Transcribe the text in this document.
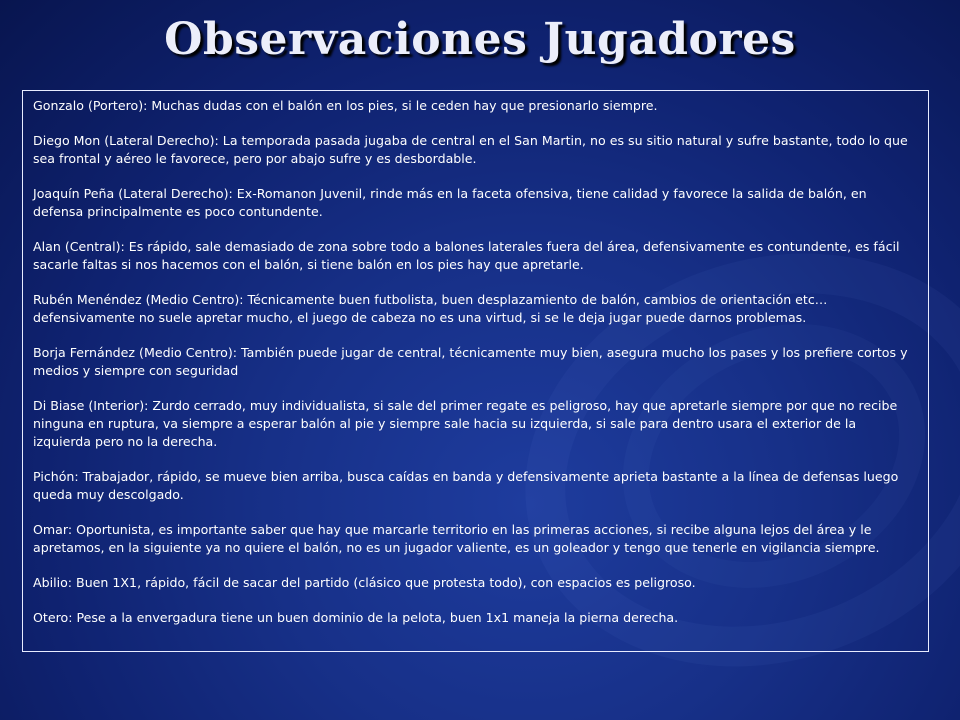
Observaciones Jugadores

Gonzalo (Portero): Muchas dudas con el balón en los pies, si le ceden hay que presionarlo siempre.

Diego Mon (Lateral Derecho): La temporada pasada jugaba de central en el San Martin, no es su sitio natural y sufre bastante, todo lo que sea frontal y aéreo le favorece, pero por abajo sufre y es desbordable.

Joaquín Peña (Lateral Derecho): Ex-Romanon Juvenil, rinde más en la faceta ofensiva, tiene calidad y favorece la salida de balón, en defensa principalmente es poco contundente.

Alan (Central): Es rápido, sale demasiado de zona sobre todo a balones laterales fuera del área, defensivamente es contundente, es fácil sacarle faltas si nos hacemos con el balón, si tiene balón en los pies hay que apretarle.

Rubén Menéndez (Medio Centro): Técnicamente buen futbolista, buen desplazamiento de balón, cambios de orientación etc… defensivamente no suele apretar mucho, el juego de cabeza no es una virtud, si se le deja jugar puede darnos problemas.

Borja Fernández (Medio Centro): También puede jugar de central, técnicamente muy bien, asegura mucho los pases y los prefiere cortos y medios y siempre con seguridad

Di Biase (Interior): Zurdo cerrado, muy individualista, si sale del primer regate es peligroso, hay que apretarle siempre por que no recibe ninguna en ruptura, va siempre a esperar balón al pie y siempre sale hacia su izquierda, si sale para dentro usara el exterior de la izquierda pero no la derecha.

Pichón: Trabajador, rápido, se mueve bien arriba, busca caídas en banda y defensivamente aprieta bastante a la línea de defensas luego queda muy descolgado.

Omar: Oportunista, es importante saber que hay que marcarle territorio en las primeras acciones, si recibe alguna lejos del área y le apretamos, en la siguiente ya no quiere el balón, no es un jugador valiente, es un goleador y tengo que tenerle en vigilancia siempre.

Abilio: Buen 1X1, rápido, fácil de sacar del partido (clásico que protesta todo), con espacios es peligroso.

Otero: Pese a la envergadura tiene un buen dominio de la pelota, buen 1x1 maneja la pierna derecha.
